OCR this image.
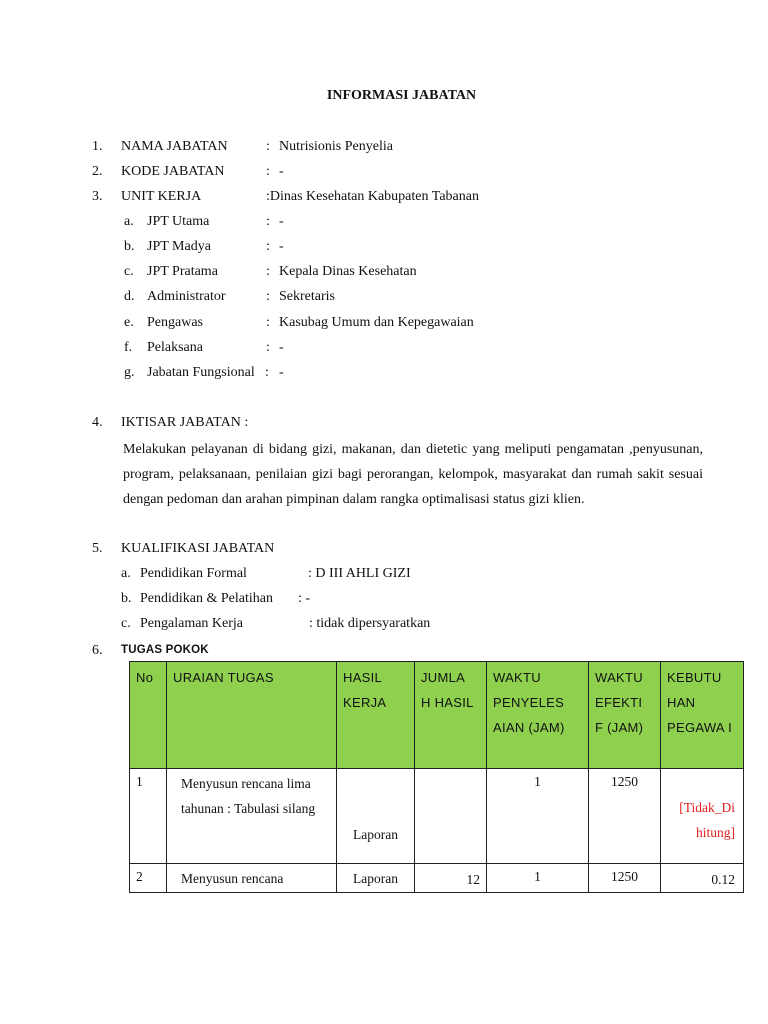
INFORMASI JABATAN
1. NAMA JABATAN	: Nutrisionis Penyelia
2. KODE JABATAN	: -
3. UNIT KERJA	:Dinas Kesehatan Kabupaten Tabanan
a. JPT Utama	: -
b. JPT Madya	: -
c. JPT Pratama	: Kepala Dinas Kesehatan
d. Administrator	: Sekretaris
e. Pengawas	: Kasubag Umum dan Kepegawaian
f. Pelaksana	: -
g. Jabatan Fungsional : -
4. IKTISAR JABATAN :
Melakukan pelayanan di bidang gizi, makanan, dan dietetic yang meliputi pengamatan ,penyusunan, program, pelaksanaan, penilaian gizi bagi perorangan, kelompok, masyarakat dan rumah sakit sesuai dengan pedoman dan arahan pimpinan dalam rangka optimalisasi status gizi klien.
5. KUALIFIKASI JABATAN
a. Pendidikan Formal	: D III AHLI GIZI
b. Pendidikan & Pelatihan : -
c. Pengalaman Kerja	: tidak dipersyaratkan
6. TUGAS POKOK
No	URAIAN TUGAS	HASIL KERJA	JUMLA H HASIL	WAKTU PENYELES AIAN (JAM)	WAKTU EFEKTI F (JAM)	KEBUTU HAN PEGAWA I
1	Menyusun rencana lima tahunan : Tabulasi silang	Laporan		1	1250	[Tidak_Dihitung]
2	Menyusun rencana	Laporan	12	1	1250	0.12
